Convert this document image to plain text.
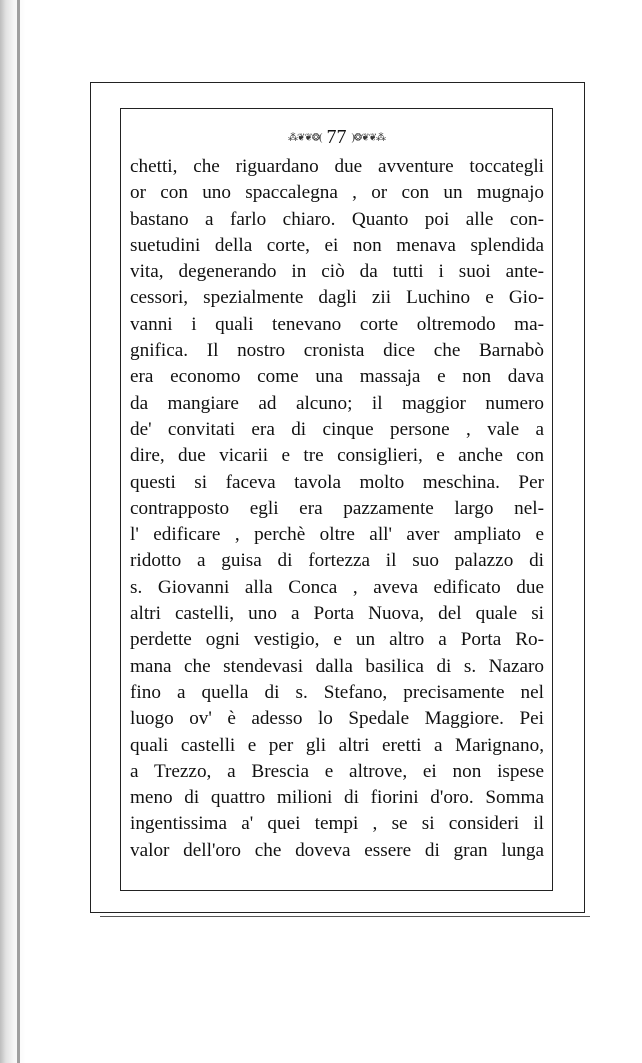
⁂❦❦❂( 77 )❂❦❦⁂
chetti, che riguardano due avventure toccategli
or con uno spaccalegna , or con un mugnajo
bastano a farlo chiaro. Quanto poi alle con-
suetudini della corte, ei non menava splendida
vita, degenerando in ciò da tutti i suoi ante-
cessori, spezialmente dagli zii Luchino e Gio-
vanni i quali tenevano corte oltremodo ma-
gnifica. Il nostro cronista dice che Barnabò
era economo come una massaja e non dava
da mangiare ad alcuno; il maggior numero
de' convitati era di cinque persone , vale a
dire, due vicarii e tre consiglieri, e anche con
questi si faceva tavola molto meschina. Per
contrapposto egli era pazzamente largo nel-
l' edificare , perchè oltre all' aver ampliato e
ridotto a guisa di fortezza il suo palazzo di
s. Giovanni alla Conca , aveva edificato due
altri castelli, uno a Porta Nuova, del quale si
perdette ogni vestigio, e un altro a Porta Ro-
mana che stendevasi dalla basilica di s. Nazaro
fino a quella di s. Stefano, precisamente nel
luogo ov' è adesso lo Spedale Maggiore. Pei
quali castelli e per gli altri eretti a Marignano,
a Trezzo, a Brescia e altrove, ei non ispese
meno di quattro milioni di fiorini d'oro. Somma
ingentissima a' quei tempi , se si consideri il
valor dell'oro che doveva essere di gran lunga
